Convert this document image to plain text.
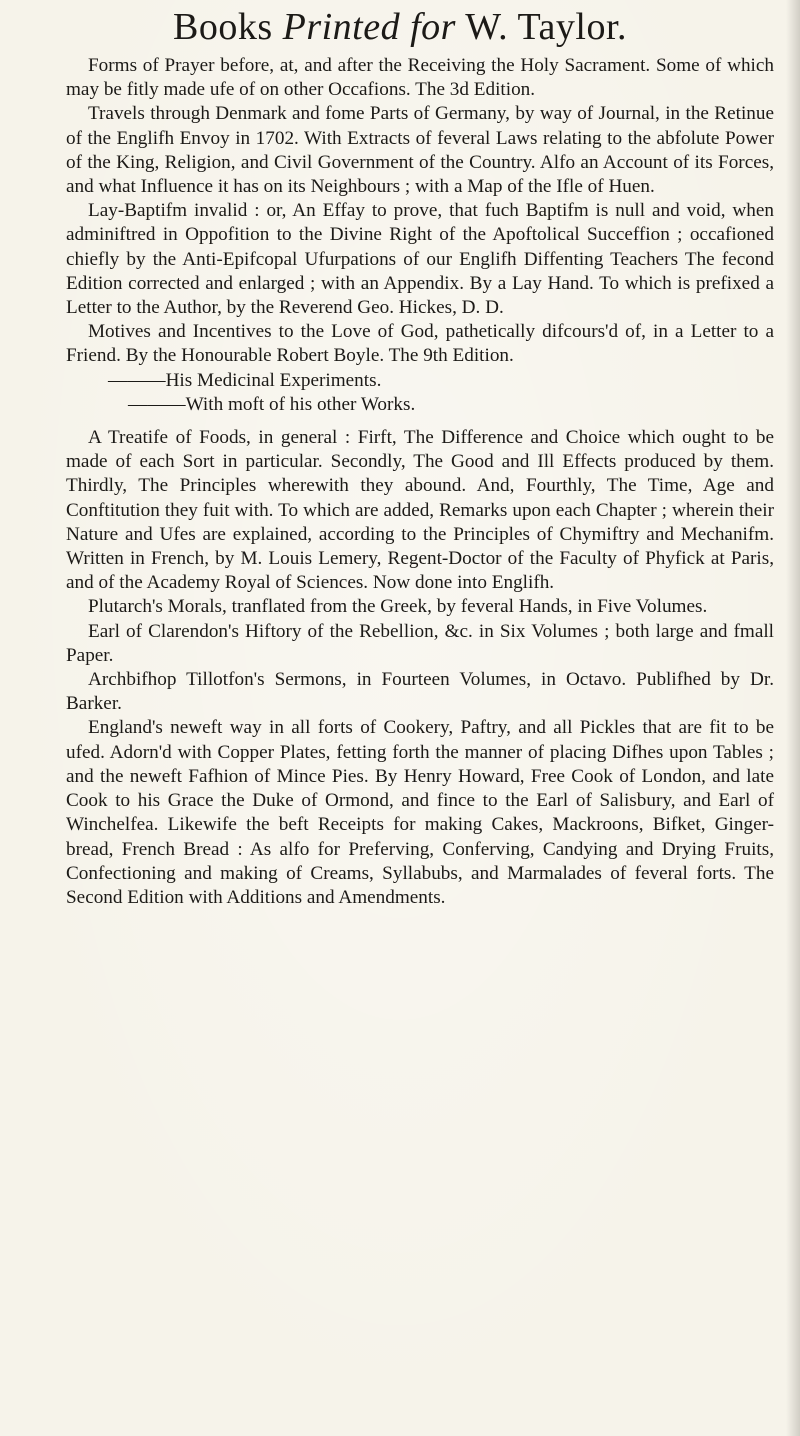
Books Printed for W. Taylor.

Forms of Prayer before, at, and after the Receiving the Holy Sacrament. Some of which may be fitly made ufe of on other Occafions. The 3d Edition.

Travels through Denmark and fome Parts of Germany, by way of Journal, in the Retinue of the Englifh Envoy in 1702. With Extracts of feveral Laws relating to the abfolute Power of the King, Religion, and Civil Government of the Country. Alfo an Account of its Forces, and what Influence it has on its Neighbours ; with a Map of the Ifle of Huen.

Lay-Baptifm invalid : or, An Effay to prove, that fuch Baptifm is null and void, when adminiftred in Oppofition to the Divine Right of the Apoftolical Succeffion ; occafioned chiefly by the Anti-Epifcopal Ufurpations of our Englifh Diffenting Teachers The fecond Edition corrected and enlarged ; with an Appendix. By a Lay Hand. To which is prefixed a Letter to the Author, by the Reverend Geo. Hickes, D. D.

Motives and Incentives to the Love of God, pathetically difcours'd of, in a Letter to a Friend. By the Honourable Robert Boyle. The 9th Edition.

———His Medicinal Experiments.

———With moft of his other Works.

A Treatife of Foods, in general : Firft, The Difference and Choice which ought to be made of each Sort in particular. Secondly, The Good and Ill Effects produced by them. Thirdly, The Principles wherewith they abound. And, Fourthly, The Time, Age and Conftitution they fuit with. To which are added, Remarks upon each Chapter ; wherein their Nature and Ufes are explained, according to the Principles of Chymiftry and Mechanifm. Written in French, by M. Louis Lemery, Regent-Doctor of the Faculty of Phyfick at Paris, and of the Academy Royal of Sciences. Now done into Englifh.

Plutarch's Morals, tranflated from the Greek, by feveral Hands, in Five Volumes.

Earl of Clarendon's Hiftory of the Rebellion, &c. in Six Volumes ; both large and fmall Paper.

Archbifhop Tillotfon's Sermons, in Fourteen Volumes, in Octavo. Publifhed by Dr. Barker.

England's neweft way in all forts of Cookery, Paftry, and all Pickles that are fit to be ufed. Adorn'd with Copper Plates, fetting forth the manner of placing Difhes upon Tables ; and the neweft Fafhion of Mince Pies. By Henry Howard, Free Cook of London, and late Cook to his Grace the Duke of Ormond, and fince to the Earl of Salisbury, and Earl of Winchelfea. Likewife the beft Receipts for making Cakes, Mackroons, Bifket, Ginger-bread, French Bread : As alfo for Preferving, Conferving, Candying and Drying Fruits, Confectioning and making of Creams, Syllabubs, and Marmalades of feveral forts. The Second Edition with Additions and Amendments.
